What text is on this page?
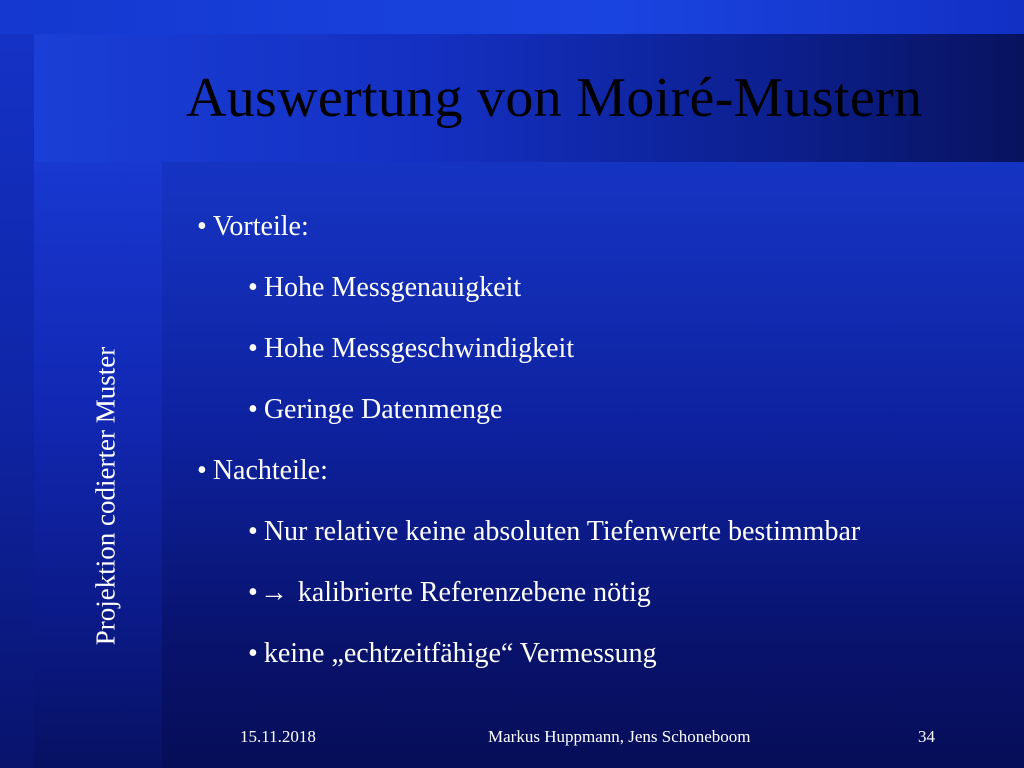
Auswertung von Moiré-Mustern
Projektion codierter Muster
• Vorteile:
• Hohe Messgenauigkeit
• Hohe Messgeschwindigkeit
• Geringe Datenmenge
• Nachteile:
• Nur relative keine absoluten Tiefenwerte bestimmbar
•→ kalibrierte Referenzebene nötig
• keine „echtzeitfähige“ Vermessung
15.11.2018	Markus Huppmann, Jens Schoneboom	34
